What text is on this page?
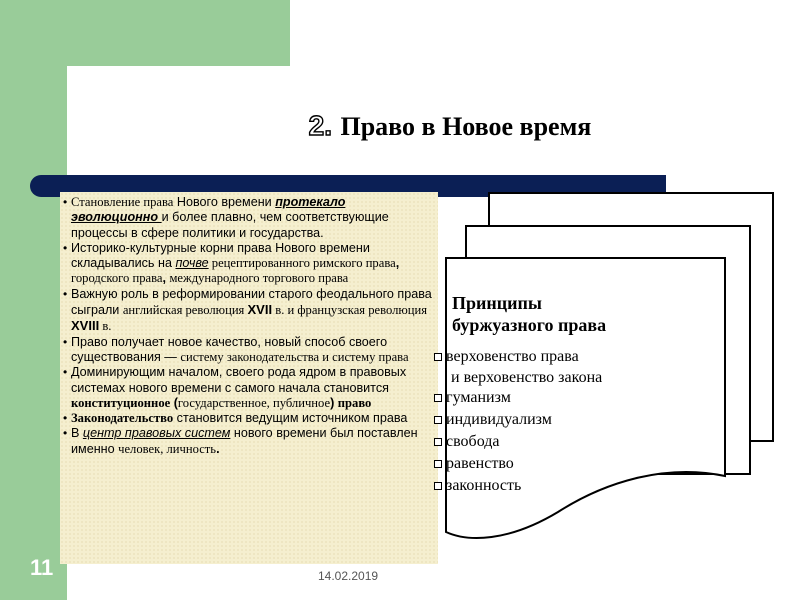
2. Право в Новое время
• Становление права Нового времени протекало эволюционно и более плавно, чем соответствующие процессы в сфере политики и государства.
• Историко-культурные корни права Нового времени складывались на почве рецептированного римского права, городского права, международного торгового права
• Важную роль в реформировании старого феодального права сыграли английская революция XVII в. и французская революция XVIII в.
• Право получает новое качество, новый способ своего существования — систему законодательства и систему права
• Доминирующим началом, своего рода ядром в правовых системах нового времени с самого начала становится конституционное (государственное, публичное) право
• Законодательство становится ведущим источником права
• В центр правовых систем нового времени был поставлен именно человек, личность.
Принципы
буржуазного права
верховенство права
и верховенство закона
гуманизм
индивидуализм
свобода
равенство
законность
11	14.02.2019
